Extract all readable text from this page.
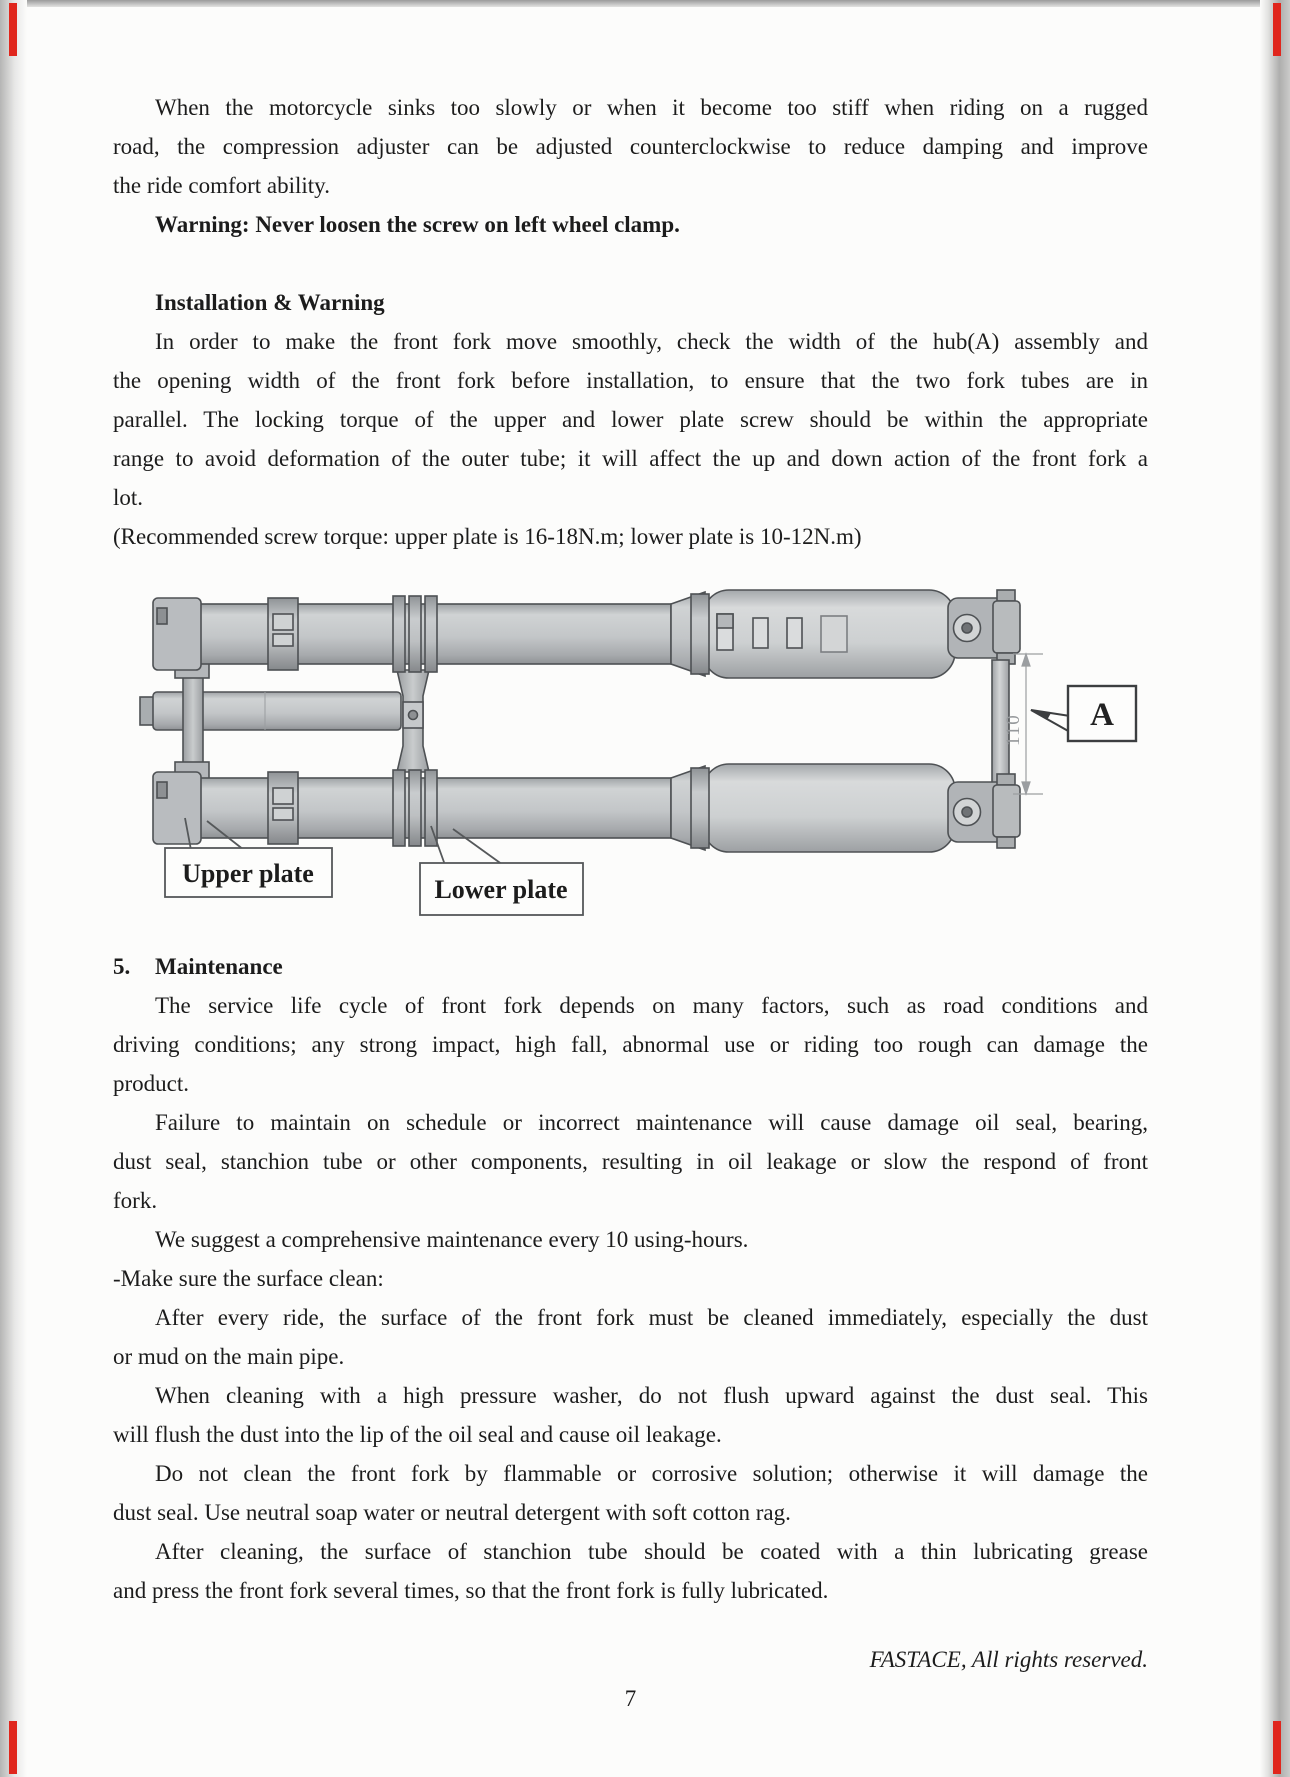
When the motorcycle sinks too slowly or when it become too stiff when riding on a rugged
road, the compression adjuster can be adjusted counterclockwise to reduce damping and improve
the ride comfort ability.
Warning: Never loosen the screw on left wheel clamp.
Installation & Warning
In order to make the front fork move smoothly, check the width of the hub(A) assembly and
the opening width of the front fork before installation, to ensure that the two fork tubes are in
parallel. The locking torque of the upper and lower plate screw should be within the appropriate
range to avoid deformation of the outer tube; it will affect the up and down action of the front fork a
lot.
(Recommended screw torque: upper plate is 16-18N.m; lower plate is 10-12N.m)
110 A
Upper plate
Lower plate
5. Maintenance
The service life cycle of front fork depends on many factors, such as road conditions and
driving conditions; any strong impact, high fall, abnormal use or riding too rough can damage the
product.
Failure to maintain on schedule or incorrect maintenance will cause damage oil seal, bearing,
dust seal, stanchion tube or other components, resulting in oil leakage or slow the respond of front
fork.
We suggest a comprehensive maintenance every 10 using-hours.
-Make sure the surface clean:
After every ride, the surface of the front fork must be cleaned immediately, especially the dust
or mud on the main pipe.
When cleaning with a high pressure washer, do not flush upward against the dust seal. This
will flush the dust into the lip of the oil seal and cause oil leakage.
Do not clean the front fork by flammable or corrosive solution; otherwise it will damage the
dust seal. Use neutral soap water or neutral detergent with soft cotton rag.
After cleaning, the surface of stanchion tube should be coated with a thin lubricating grease
and press the front fork several times, so that the front fork is fully lubricated.
FASTACE, All rights reserved.
7
